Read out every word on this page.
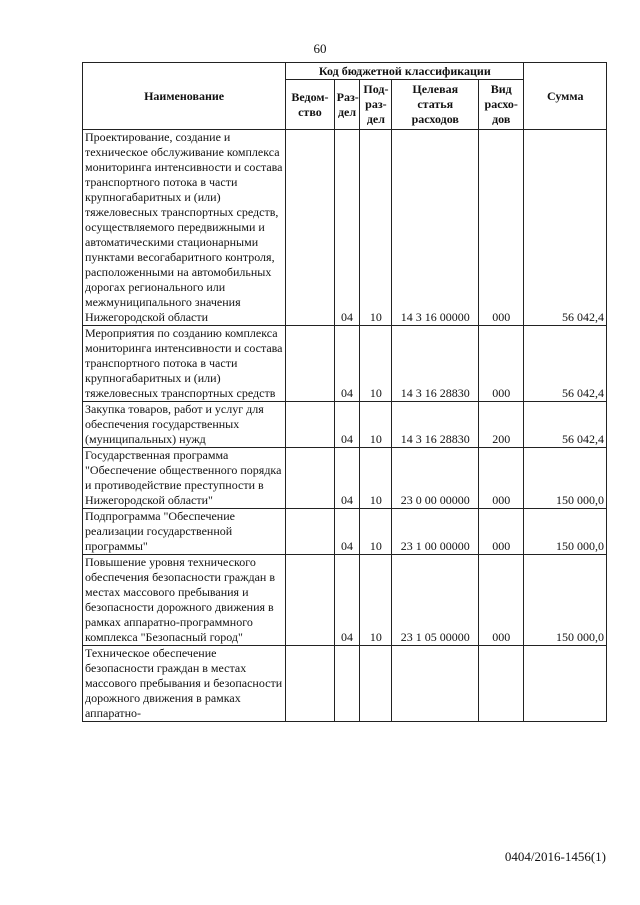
60
Наименование	Код бюджетной классификации					Сумма
	Ведом-ство	Раз-дел	Под-раз-дел	Целевая статья расходов	Вид расхо-дов	
Проектирование, создание и техническое обслуживание комплекса мониторинга интенсивности и состава транспортного потока в части крупногабаритных и (или) тяжеловесных транспортных средств, осуществляемого передвижными и автоматическими стационарными пунктами весогабаритного контроля, расположенными на автомобильных дорогах регионального или межмуниципального значения Нижегородской области		04	10	14 3 16 00000	000	56 042,4
Мероприятия по созданию комплекса мониторинга интенсивности и состава транспортного потока в части крупногабаритных и (или) тяжеловесных транспортных средств		04	10	14 3 16 28830	000	56 042,4
Закупка товаров, работ и услуг для обеспечения государственных (муниципальных) нужд		04	10	14 3 16 28830	200	56 042,4
Государственная программа "Обеспечение общественного порядка и противодействие преступности в Нижегородской области"		04	10	23 0 00 00000	000	150 000,0
Подпрограмма "Обеспечение реализации государственной программы"		04	10	23 1 00 00000	000	150 000,0
Повышение уровня технического обеспечения безопасности граждан в местах массового пребывания и безопасности дорожного движения в рамках аппаратно-программного комплекса "Безопасный город"		04	10	23 1 05 00000	000	150 000,0
Техническое обеспечение безопасности граждан в местах массового пребывания и безопасности дорожного движения в рамках аппаратно-						
0404/2016-1456(1)
